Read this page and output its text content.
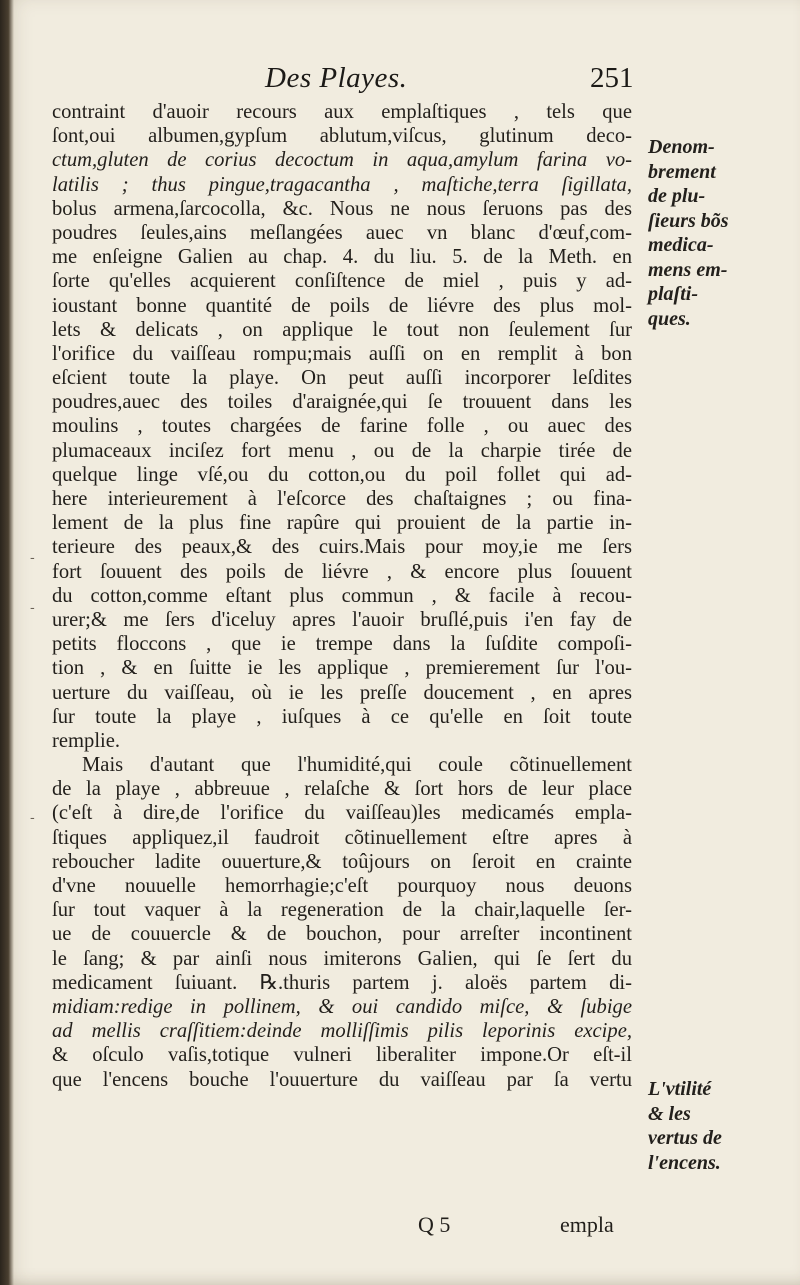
Des Playes.	251
contraint d'auoir recours aux emplaſtiques , tels que
ſont,oui albumen,gypſum ablutum,viſcus, glutinum deco-
ctum,gluten de corius decoctum in aqua,amylum farina vo-
latilis ; thus pingue,tragacantha , maſtiche,terra ſigillata,
bolus armena,ſarcocolla, &c. Nous ne nous ſeruons pas des
poudres ſeules,ains meſlangées auec vn blanc d'œuf,com-
me enſeigne Galien au chap. 4. du liu. 5. de la Meth. en
ſorte qu'elles acquierent conſiſtence de miel , puis y ad-
ioustant bonne quantité de poils de liévre des plus mol-
lets & delicats , on applique le tout non ſeulement ſur
l'orifice du vaiſſeau rompu;mais auſſi on en remplit à bon
eſcient toute la playe. On peut auſſi incorporer leſdites
poudres,auec des toiles d'araignée,qui ſe trouuent dans les
moulins , toutes chargées de farine folle , ou auec des
plumaceaux inciſez fort menu , ou de la charpie tirée de
quelque linge vſé,ou du cotton,ou du poil follet qui ad-
here interieurement à l'eſcorce des chaſtaignes ; ou fina-
lement de la plus fine rapûre qui prouient de la partie in-
terieure des peaux,& des cuirs.Mais pour moy,ie me ſers
fort ſouuent des poils de liévre , & encore plus ſouuent
du cotton,comme eſtant plus commun , & facile à recou-
urer;& me ſers d'iceluy apres l'auoir bruſlé,puis i'en fay de
petits floccons , que ie trempe dans la ſuſdite compoſi-
tion , & en ſuitte ie les applique , premierement ſur l'ou-
uerture du vaiſſeau, où ie les preſſe doucement , en apres
ſur toute la playe , iuſques à ce qu'elle en ſoit toute
remplie.
Mais d'autant que l'humidité,qui coule cõtinuellement
de la playe , abbreuue , relaſche & ſort hors de leur place
(c'eſt à dire,de l'orifice du vaiſſeau)les medicamés empla-
ſtiques appliquez,il faudroit cõtinuellement eſtre apres à
reboucher ladite ouuerture,& toûjours on ſeroit en crainte
d'vne nouuelle hemorrhagie;c'eſt pourquoy nous deuons
ſur tout vaquer à la regeneration de la chair,laquelle ſer-
ue de couuercle & de bouchon, pour arreſter incontinent
le ſang; & par ainſi nous imiterons Galien, qui ſe ſert du
medicament ſuiuant. ℞.thuris partem j. aloës partem di-
midiam:redige in pollinem, & oui candido miſce, & ſubige
ad mellis craſſitiem:deinde molliſſimis pilis leporinis excipe,
& oſculo vaſis,totique vulneri liberaliter impone.Or eſt-il
que l'encens bouche l'ouuerture du vaiſſeau par ſa vertu
Denom-
brement
de plu-
ſieurs bõs
medica-
mens em-
plaſti-
ques.
L'vtilité
& les
vertus de
l'encens.
Q 5	empla
-
-
-
